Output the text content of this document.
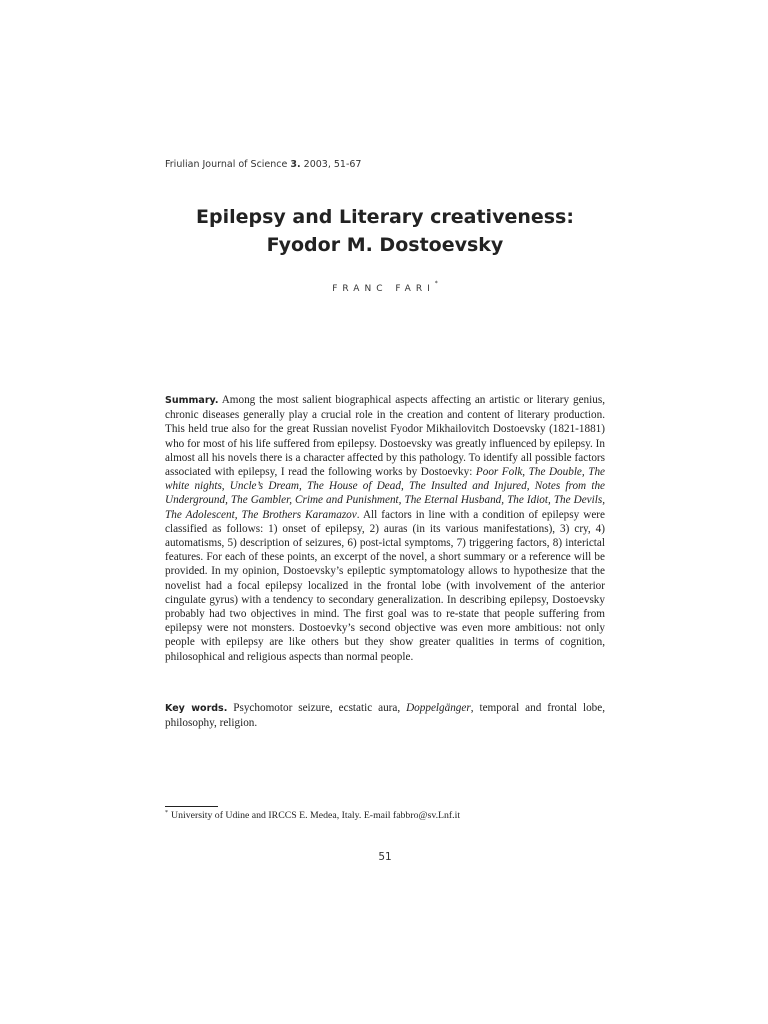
Friulian Journal of Science 3. 2003, 51-67
Epilepsy and Literary creativeness:
Fyodor M. Dostoevsky
FRANC FARI*
Summary. Among the most salient biographical aspects affecting an artistic or literary genius, chronic diseases generally play a crucial role in the creation and content of literary production. This held true also for the great Russian novelist Fyodor Mikhailovitch Dostoevsky (1821-1881) who for most of his life suffered from epilepsy. Dostoevsky was greatly influenced by epilepsy. In almost all his novels there is a character affected by this pathology. To identify all possible factors associated with epilepsy, I read the following works by Dostoevky: Poor Folk, The Double, The white nights, Uncle’s Dream, The House of Dead, The Insulted and Injured, Notes from the Underground, The Gambler, Crime and Punishment, The Eternal Husband, The Idiot, The Devils, The Adolescent, The Brothers Karamazov. All factors in line with a condition of epilepsy were classified as follows: 1) onset of epilepsy, 2) auras (in its various manifestations), 3) cry, 4) automatisms, 5) description of seizures, 6) post-ictal symptoms, 7) triggering factors, 8) interictal features. For each of these points, an excerpt of the novel, a short summary or a reference will be provided. In my opinion, Dostoevsky’s epileptic symptomatology allows to hypothesize that the novelist had a focal epilepsy localized in the frontal lobe (with involvement of the anterior cingulate gyrus) with a tendency to secondary generalization. In describing epilepsy, Dostoevsky probably had two objectives in mind. The first goal was to re-state that people suffering from epilepsy were not monsters. Dostoevky’s second objective was even more ambitious: not only people with epilepsy are like others but they show greater qualities in terms of cognition, philosophical and religious aspects than normal people.
Key words. Psychomotor seizure, ecstatic aura, Doppelgänger, temporal and frontal lobe, philosophy, religion.
* University of Udine and IRCCS E. Medea, Italy. E-mail fabbro@sv.Lnf.it
51
